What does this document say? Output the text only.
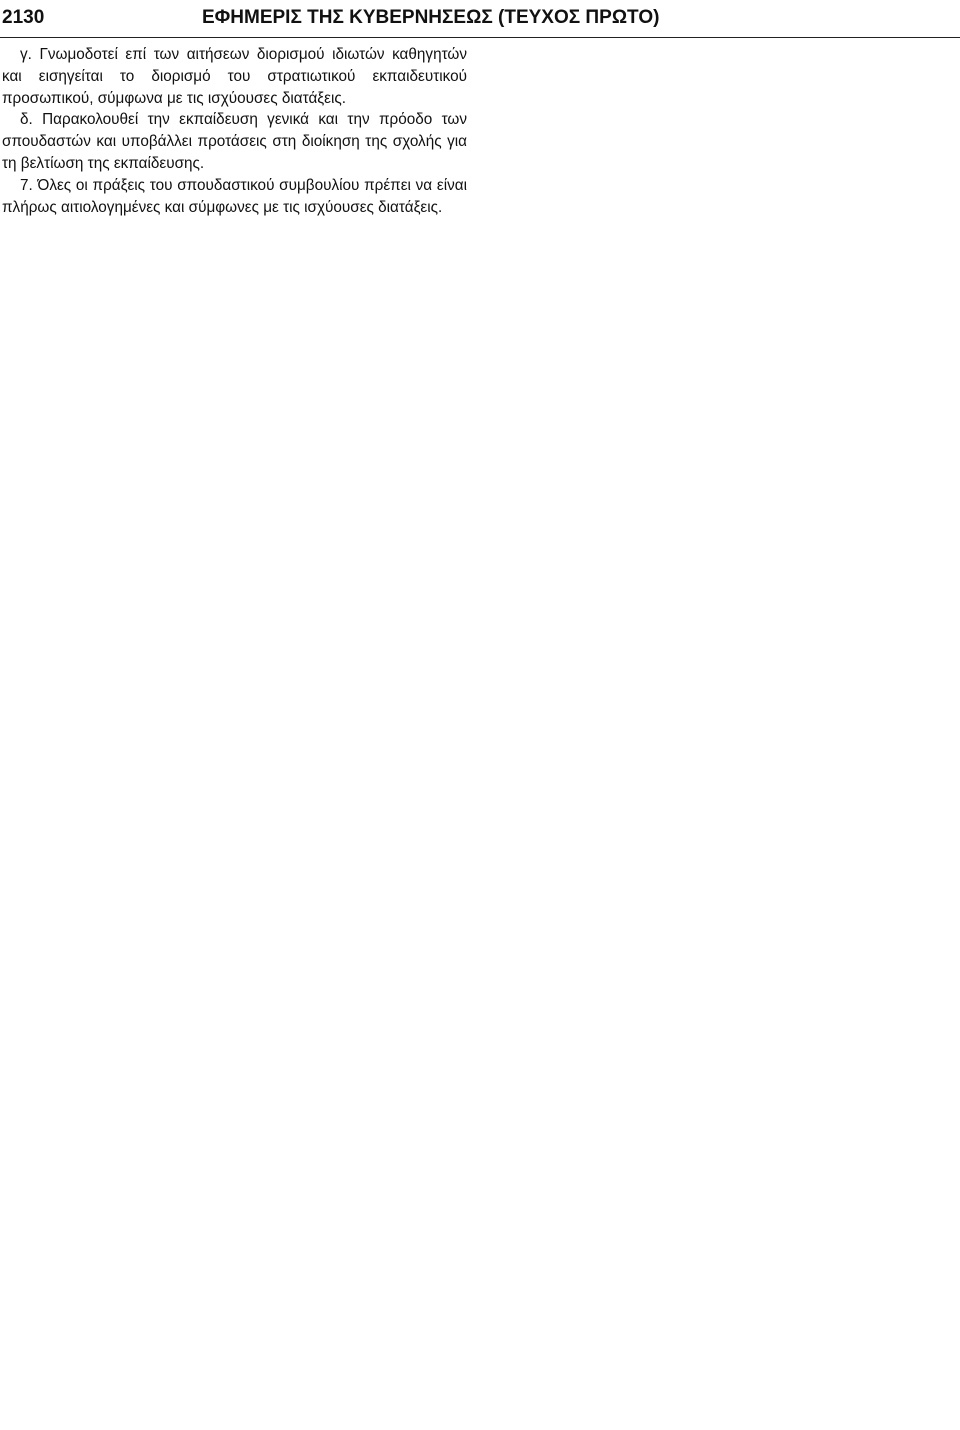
2130	ΕΦΗΜΕΡΙΣ ΤΗΣ ΚΥΒΕΡΝΗΣΕΩΣ (ΤΕΥΧΟΣ ΠΡΩΤΟ)

γ. Γνωμοδοτεί επί των αιτήσεων διορισμού ιδιωτών καθηγητών και εισηγείται το διορισμό του στρατιωτικού εκπαιδευτικού προσωπικού, σύμφωνα με τις ισχύουσες διατάξεις.

δ. Παρακολουθεί την εκπαίδευση γενικά και την πρόοδο των σπουδαστών και υποβάλλει προτάσεις στη διοίκηση της σχολής για τη βελτίωση της εκπαίδευσης.

7. Όλες οι πράξεις του σπουδαστικού συμβουλίου πρέπει να είναι πλήρως αιτιολογημένες και σύμφωνες με τις ισχύουσες διατάξεις.
